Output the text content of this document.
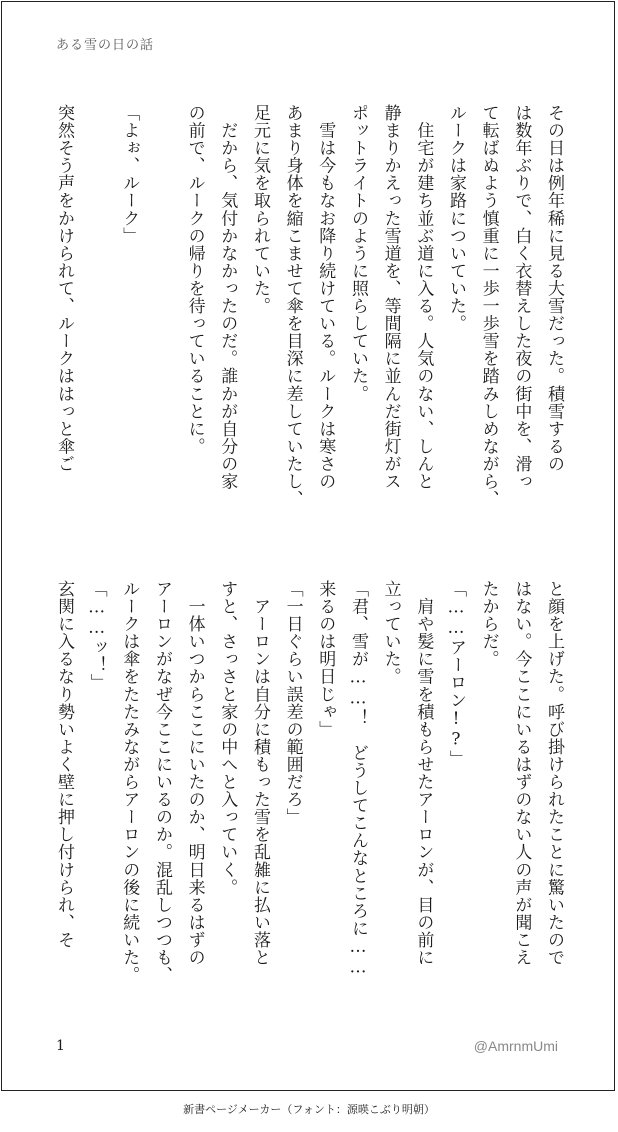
ある雪の日の話
その日は例年稀に見る大雪だった。積雪するの
は数年ぶりで、白く衣替えした夜の街中を、滑っ
て転ばぬよう慎重に一歩一歩雪を踏みしめながら、
ルークは家路についていた。
　住宅が建ち並ぶ道に入る。人気のない、しんと
静まりかえった雪道を、等間隔に並んだ街灯がス
ポットライトのように照らしていた。
　雪は今もなお降り続けている。ルークは寒さの
あまり身体を縮こませて傘を目深に差していたし、
足元に気を取られていた。
　だから、気付かなかったのだ。誰かが自分の家
の前で、ルークの帰りを待っていることに。
「よぉ、ルーク」
突然そう声をかけられて、ルークははっと傘ご
と顔を上げた。呼び掛けられたことに驚いたので
はない。今ここにいるはずのない人の声が聞こえ
たからだ。
「……アーロン!?」
　肩や髪に雪を積もらせたアーロンが、目の前に
立っていた。
「君、雪が……！　どうしてこんなところに……
来るのは明日じゃ」
「一日ぐらい誤差の範囲だろ」
　アーロンは自分に積もった雪を乱雑に払い落と
すと、さっさと家の中へと入っていく。
　一体いつからここにいたのか、明日来るはずの
アーロンがなぜ今ここにいるのか。混乱しつつも、
ルークは傘をたたみながらアーロンの後に続いた。
「……ッ！」
玄関に入るなり勢いよく壁に押し付けられ、そ
1	@AmrnmUmi
新書ページメーカー（フォント：源暎こぶり明朝）
